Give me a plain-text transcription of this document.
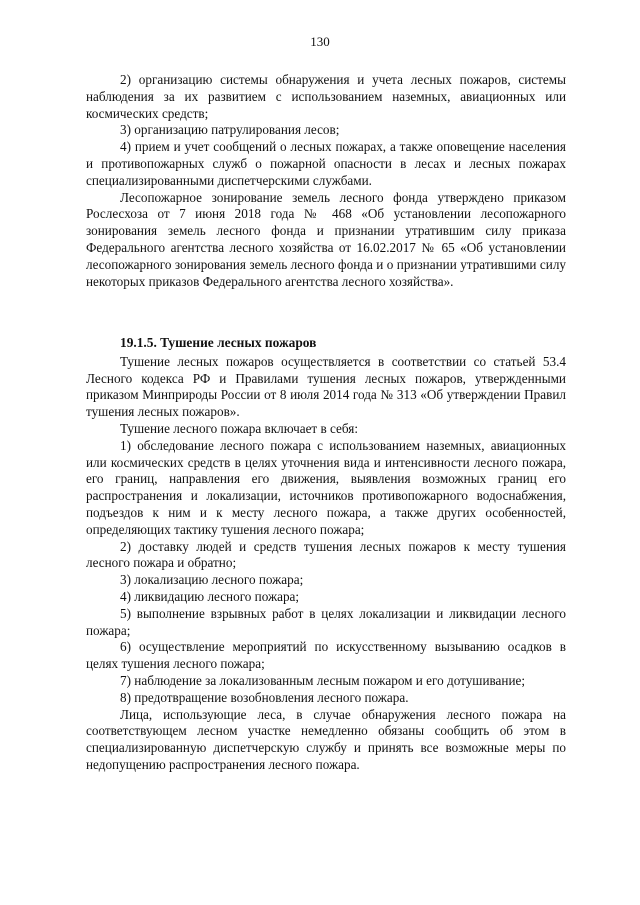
130

2) организацию системы обнаружения и учета лесных пожаров, системы наблюдения за их развитием с использованием наземных, авиационных или космических средств;

3) организацию патрулирования лесов;

4) прием и учет сообщений о лесных пожарах, а также оповещение населения и противопожарных служб о пожарной опасности в лесах и лесных пожарах специализированными диспетчерскими службами.

Лесопожарное зонирование земель лесного фонда утверждено приказом Рослесхоза от 7 июня 2018 года № 468 «Об установлении лесопожарного зонирования земель лесного фонда и признании утратившим силу приказа Федерального агентства лесного хозяйства от 16.02.2017 № 65 «Об установлении лесопожарного зонирования земель лесного фонда и о признании утратившими силу некоторых приказов Федерального агентства лесного хозяйства».

19.1.5. Тушение лесных пожаров

Тушение лесных пожаров осуществляется в соответствии со статьей 53.4 Лесного кодекса РФ и Правилами тушения лесных пожаров, утвержденными приказом Минприроды России от 8 июля 2014 года № 313 «Об утверждении Правил тушения лесных пожаров».

Тушение лесного пожара включает в себя:

1) обследование лесного пожара с использованием наземных, авиационных или космических средств в целях уточнения вида и интенсивности лесного пожара, его границ, направления его движения, выявления возможных границ его распространения и локализации, источников противопожарного водоснабжения, подъездов к ним и к месту лесного пожара, а также других особенностей, определяющих тактику тушения лесного пожара;

2) доставку людей и средств тушения лесных пожаров к месту тушения лесного пожара и обратно;

3) локализацию лесного пожара;

4) ликвидацию лесного пожара;

5) выполнение взрывных работ в целях локализации и ликвидации лесного пожара;

6) осуществление мероприятий по искусственному вызыванию осадков в целях тушения лесного пожара;

7) наблюдение за локализованным лесным пожаром и его дотушивание;

8) предотвращение возобновления лесного пожара.

Лица, использующие леса, в случае обнаружения лесного пожара на соответствующем лесном участке немедленно обязаны сообщить об этом в специализированную диспетчерскую службу и принять все возможные меры по недопущению распространения лесного пожара.
